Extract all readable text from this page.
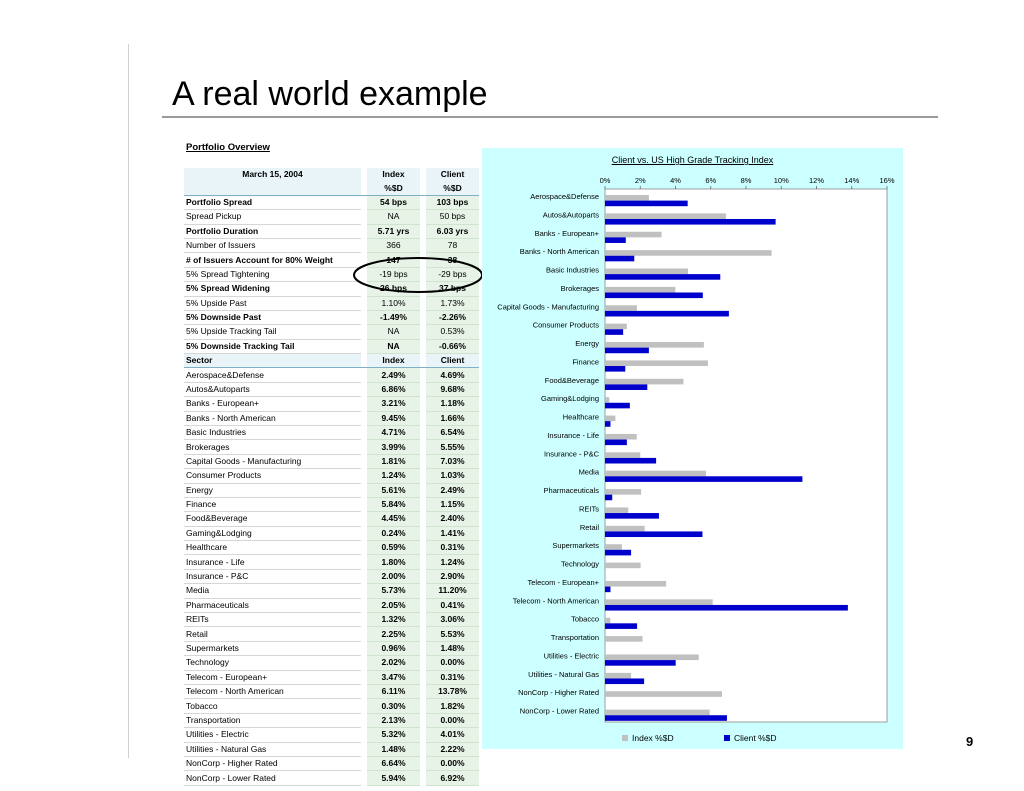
A real world example
Portfolio Overview
March 15, 2004		Index		Client
		%$D		%$D
Portfolio Spread		54 bps		103 bps
Spread Pickup		NA		50 bps
Portfolio Duration		5.71 yrs		6.03 yrs
Number of Issuers		366		78
# of Issuers Account for 80% Weight		147		38
5% Spread Tightening		-19 bps		-29 bps
5% Spread Widening		26 bps		37 bps
5% Upside Past		1.10%		1.73%
5% Downside Past		-1.49%		-2.26%
5% Upside Tracking Tail		NA		0.53%
5% Downside Tracking Tail		NA		-0.66%
Sector		Index		Client
Aerospace&Defense		2.49%		4.69%
Autos&Autoparts		6.86%		9.68%
Banks - European+		3.21%		1.18%
Banks - North American		9.45%		1.66%
Basic Industries		4.71%		6.54%
Brokerages		3.99%		5.55%
Capital Goods - Manufacturing		1.81%		7.03%
Consumer Products		1.24%		1.03%
Energy		5.61%		2.49%
Finance		5.84%		1.15%
Food&Beverage		4.45%		2.40%
Gaming&Lodging		0.24%		1.41%
Healthcare		0.59%		0.31%
Insurance - Life		1.80%		1.24%
Insurance - P&C		2.00%		2.90%
Media		5.73%		11.20%
Pharmaceuticals		2.05%		0.41%
REITs		1.32%		3.06%
Retail		2.25%		5.53%
Supermarkets		0.96%		1.48%
Technology		2.02%		0.00%
Telecom - European+		3.47%		0.31%
Telecom - North American		6.11%		13.78%
Tobacco		0.30%		1.82%
Transportation		2.13%		0.00%
Utilities - Electric		5.32%		4.01%
Utilities - Natural Gas		1.48%		2.22%
NonCorp - Higher Rated		6.64%		0.00%
NonCorp - Lower Rated		5.94%		6.92%
Client vs. US High Grade Tracking Index
0%	2%	4%	6%	8%	10%	12%	14%	16%
Aerospace&Defense
Autos&Autoparts
Banks - European+
Banks - North American
Basic Industries
Brokerages
Capital Goods - Manufacturing
Consumer Products
Energy
Finance
Food&Beverage
Gaming&Lodging
Healthcare
Insurance - Life
Insurance - P&C
Media
Pharmaceuticals
REITs
Retail
Supermarkets
Technology
Telecom - European+
Telecom - North American
Tobacco
Transportation
Utilities - Electric
Utilities - Natural Gas
NonCorp - Higher Rated
NonCorp - Lower Rated
Index %$D	Client %$D	9
